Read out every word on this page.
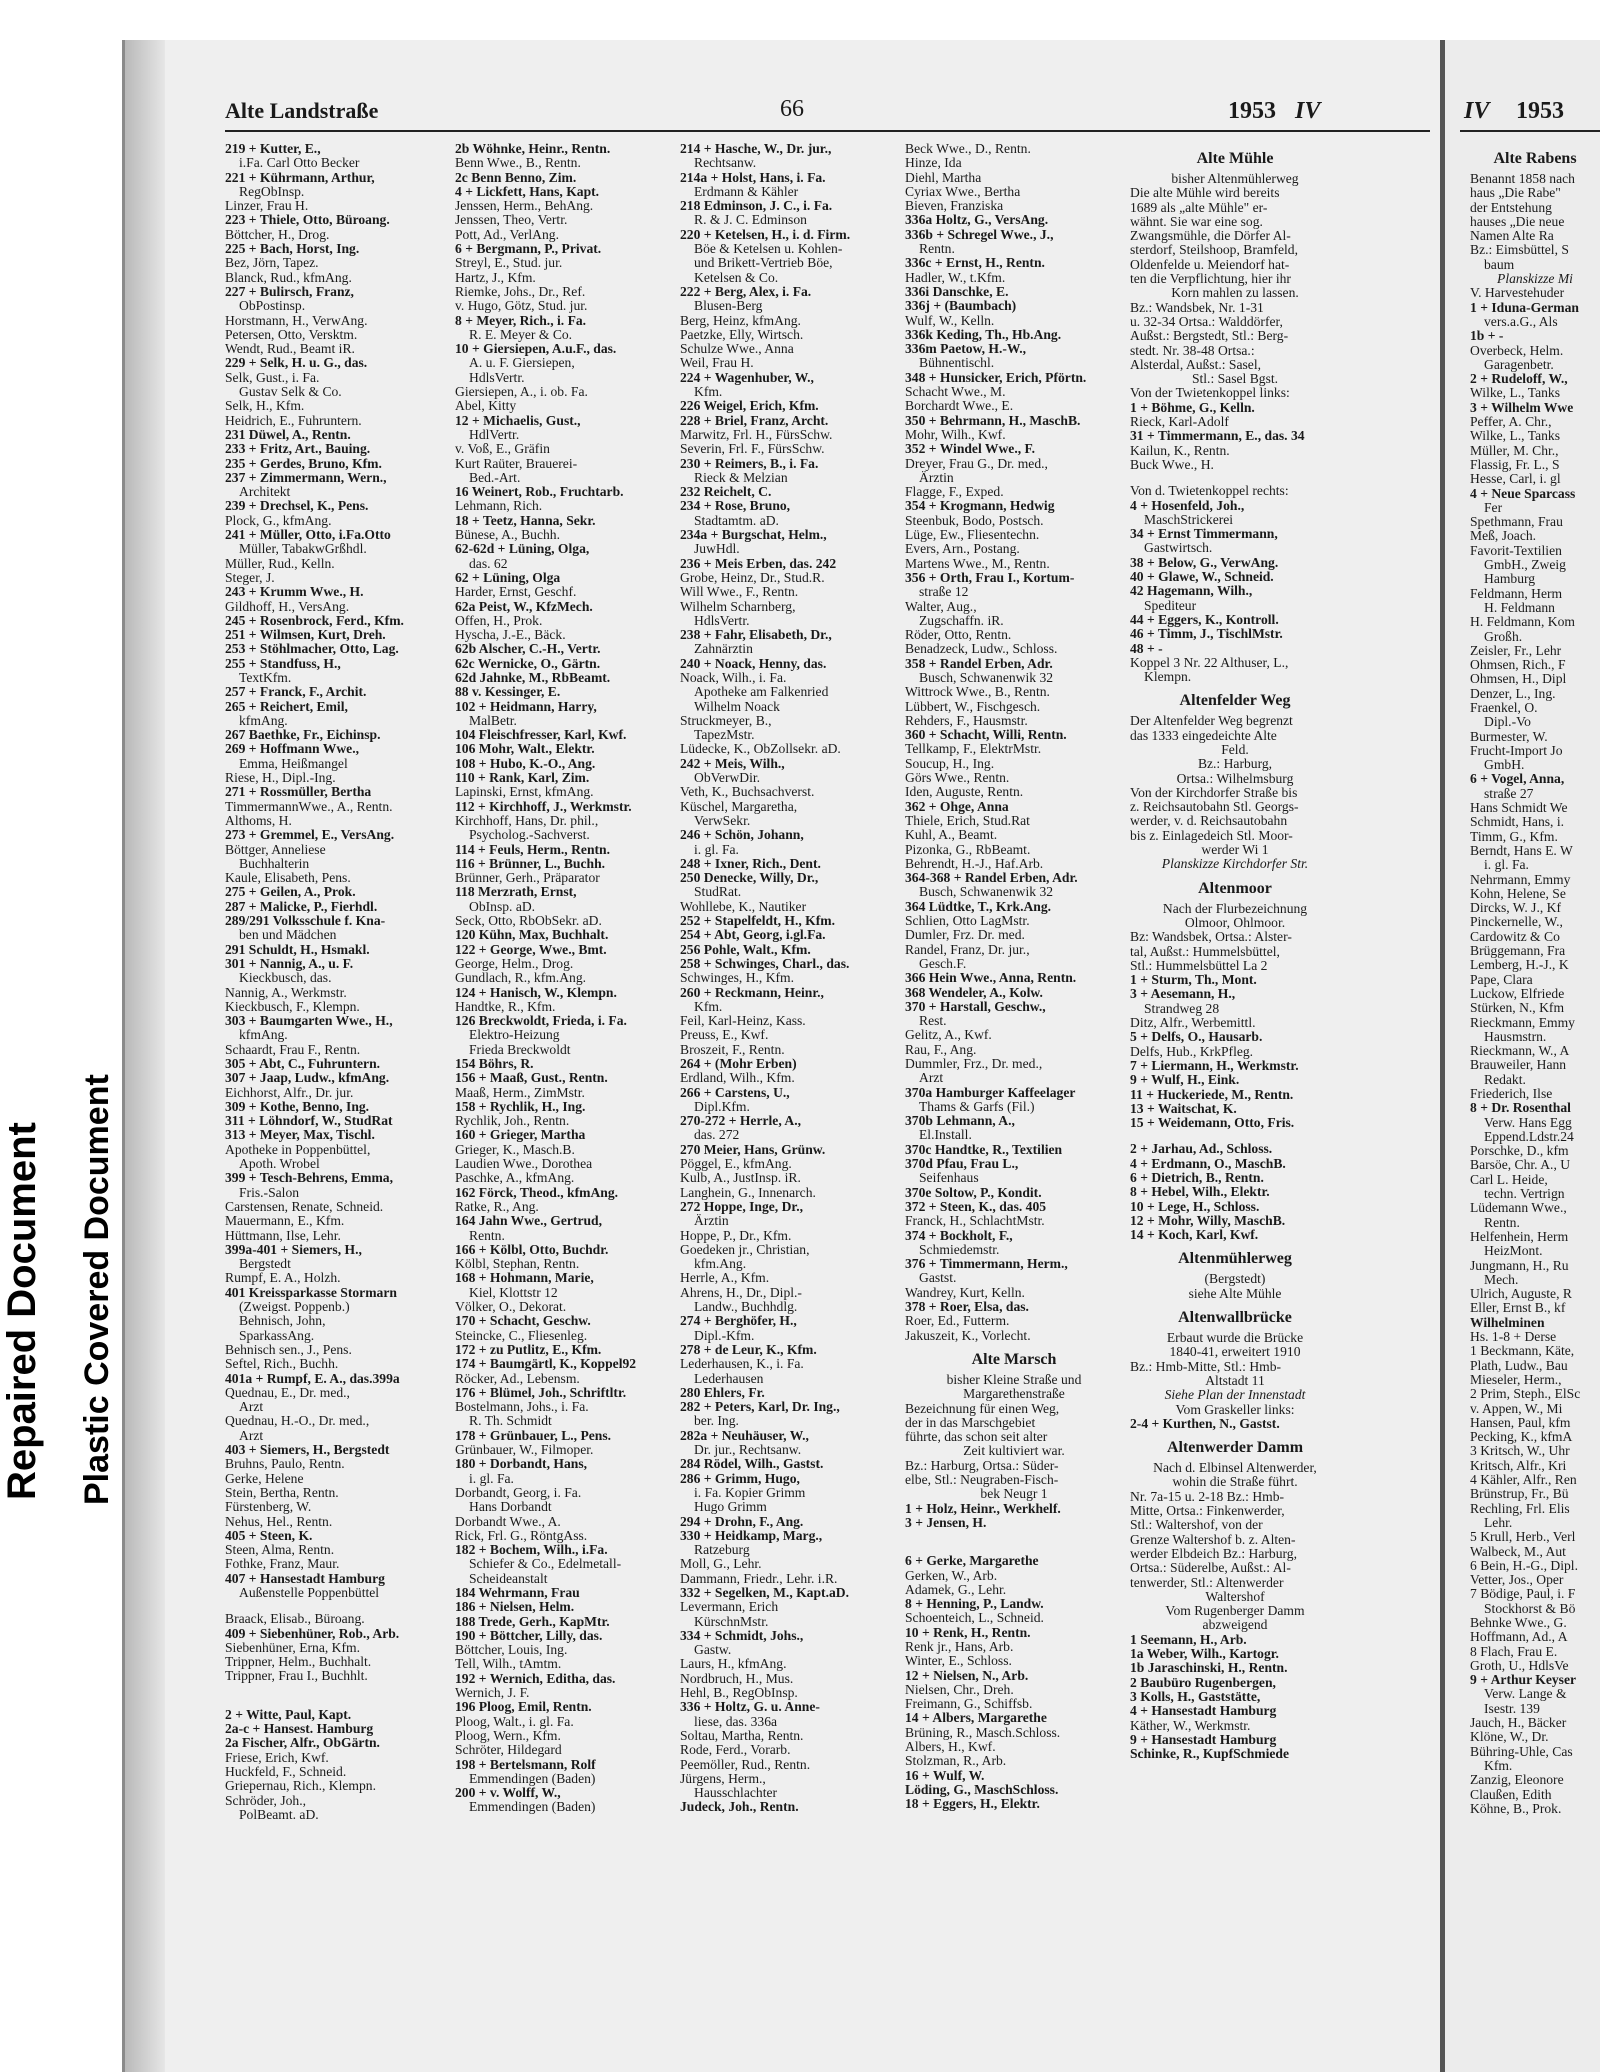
Repaired Document Plastic Covered Document
Alte Landstraße	66	1953 IV	IV 1953
219 + Kutter, E.,
i.Fa. Carl Otto Becker
221 + Kührmann, Arthur,
RegObInsp.
Linzer, Frau H.
223 + Thiele, Otto, Büroang.
Böttcher, H., Drog.
225 + Bach, Horst, Ing.
Bez, Jörn, Tapez.
Blanck, Rud., kfmAng.
227 + Bulirsch, Franz,
ObPostinsp.
Horstmann, H., VerwAng.
Petersen, Otto, Versktm.
Wendt, Rud., Beamt iR.
229 + Selk, H. u. G., das.
Selk, Gust., i. Fa.
Gustav Selk & Co.
Selk, H., Kfm.
Heidrich, E., Fuhruntern.
231 Düwel, A., Rentn.
233 + Fritz, Art., Bauing.
235 + Gerdes, Bruno, Kfm.
237 + Zimmermann, Wern.,
Architekt
239 + Drechsel, K., Pens.
Plock, G., kfmAng.
241 + Müller, Otto, i.Fa.Otto
Müller, TabakwGrßhdl.
Müller, Rud., Kelln.
Steger, J.
243 + Krumm Wwe., H.
Gildhoff, H., VersAng.
245 + Rosenbrock, Ferd., Kfm.
251 + Wilmsen, Kurt, Dreh.
253 + Stöhlmacher, Otto, Lag.
255 + Standfuss, H.,
TextKfm.
257 + Franck, F., Archit.
265 + Reichert, Emil,
kfmAng.
267 Baethke, Fr., Eichinsp.
269 + Hoffmann Wwe.,
Emma, Heißmangel
Riese, H., Dipl.-Ing.
271 + Rossmüller, Bertha
TimmermannWwe., A., Rentn.
Althoms, H.
273 + Gremmel, E., VersAng.
Böttger, Anneliese
Buchhalterin
Kaule, Elisabeth, Pens.
275 + Geilen, A., Prok.
287 + Malicke, P., Fierhdl.
289/291 Volksschule f. Kna-
ben und Mädchen
291 Schuldt, H., Hsmakl.
301 + Nannig, A., u. F.
Kieckbusch, das.
Nannig, A., Werkmstr.
Kieckbusch, F., Klempn.
303 + Baumgarten Wwe., H.,
kfmAng.
Schaardt, Frau F., Rentn.
305 + Abt, C., Fuhruntern.
307 + Jaap, Ludw., kfmAng.
Eichhorst, Alfr., Dr. jur.
309 + Kothe, Benno, Ing.
311 + Löhndorf, W., StudRat
313 + Meyer, Max, Tischl.
Apotheke in Poppenbüttel,
Apoth. Wrobel
399 + Tesch-Behrens, Emma,
Fris.-Salon
Carstensen, Renate, Schneid.
Mauermann, E., Kfm.
Hüttmann, Ilse, Lehr.
399a-401 + Siemers, H.,
Bergstedt
Rumpf, E. A., Holzh.
401 Kreissparkasse Stormarn
(Zweigst. Poppenb.)
Behnisch, John,
SparkassAng.
Behnisch sen., J., Pens.
Seftel, Rich., Buchh.
401a + Rumpf, E. A., das.399a
Quednau, E., Dr. med.,
Arzt
Quednau, H.-O., Dr. med.,
Arzt
403 + Siemers, H., Bergstedt
Bruhns, Paulo, Rentn.
Gerke, Helene
Stein, Bertha, Rentn.
Fürstenberg, W.
Nehus, Hel., Rentn.
405 + Steen, K.
Steen, Alma, Rentn.
Fothke, Franz, Maur.
407 + Hansestadt Hamburg
Außenstelle Poppenbüttel
Braack, Elisab., Büroang.
409 + Siebenhüner, Rob., Arb.
Siebenhüner, Erna, Kfm.
Trippner, Helm., Buchhalt.
Trippner, Frau I., Buchhlt.
2 + Witte, Paul, Kapt.
2a-c + Hansest. Hamburg
2a Fischer, Alfr., ObGärtn.
Friese, Erich, Kwf.
Huckfeld, F., Schneid.
Griepernau, Rich., Klempn.
Schröder, Joh.,
PolBeamt. aD.
2b Wöhnke, Heinr., Rentn.
Benn Wwe., B., Rentn.
2c Benn Benno, Zim.
4 + Lickfett, Hans, Kapt.
Jenssen, Herm., BehAng.
Jenssen, Theo, Vertr.
Pott, Ad., VerlAng.
6 + Bergmann, P., Privat.
Streyl, E., Stud. jur.
Hartz, J., Kfm.
Riemke, Johs., Dr., Ref.
v. Hugo, Götz, Stud. jur.
8 + Meyer, Rich., i. Fa.
R. E. Meyer & Co.
10 + Giersiepen, A.u.F., das.
A. u. F. Giersiepen,
HdlsVertr.
Giersiepen, A., i. ob. Fa.
Abel, Kitty
12 + Michaelis, Gust.,
HdlVertr.
v. Voß, E., Gräfin
Kurt Raüter, Brauerei-
Bed.-Art.
16 Weinert, Rob., Fruchtarb.
Lehmann, Rich.
18 + Teetz, Hanna, Sekr.
Bünese, A., Buchh.
62-62d + Lüning, Olga,
das. 62
62 + Lüning, Olga
Harder, Ernst, Geschf.
62a Peist, W., KfzMech.
Offen, H., Prok.
Hyscha, J.-E., Bäck.
62b Alscher, C.-H., Vertr.
62c Wernicke, O., Gärtn.
62d Jahnke, M., RbBeamt.
88 v. Kessinger, E.
102 + Heidmann, Harry,
MalBetr.
104 Fleischfresser, Karl, Kwf.
106 Mohr, Walt., Elektr.
108 + Hubo, K.-O., Ang.
110 + Rank, Karl, Zim.
Lapinski, Ernst, kfmAng.
112 + Kirchhoff, J., Werkmstr.
Kirchhoff, Hans, Dr. phil.,
Psycholog.-Sachverst.
114 + Feuls, Herm., Rentn.
116 + Brünner, L., Buchh.
Brünner, Gerh., Präparator
118 Merzrath, Ernst,
ObInsp. aD.
Seck, Otto, RbObSekr. aD.
120 Kühn, Max, Buchhalt.
122 + George, Wwe., Bmt.
George, Helm., Drog.
Gundlach, R., kfm.Ang.
124 + Hanisch, W., Klempn.
Handtke, R., Kfm.
126 Breckwoldt, Frieda, i. Fa.
Elektro-Heizung
Frieda Breckwoldt
154 Böhrs, R.
156 + Maaß, Gust., Rentn.
Maaß, Herm., ZimMstr.
158 + Rychlik, H., Ing.
Rychlik, Joh., Rentn.
160 + Grieger, Martha
Grieger, K., Masch.B.
Laudien Wwe., Dorothea
Paschke, A., kfmAng.
162 Förck, Theod., kfmAng.
Ratke, R., Ang.
164 Jahn Wwe., Gertrud,
Rentn.
166 + Kölbl, Otto, Buchdr.
Kölbl, Stephan, Rentn.
168 + Hohmann, Marie,
Kiel, Klottstr 12
Völker, O., Dekorat.
170 + Schacht, Geschw.
Steincke, C., Fliesenleg.
172 + zu Putlitz, E., Kfm.
174 + Baumgärtl, K., Koppel92
Röcker, Ad., Lebensm.
176 + Blümel, Joh., Schriftltr.
Bostelmann, Johs., i. Fa.
R. Th. Schmidt
178 + Grünbauer, L., Pens.
Grünbauer, W., Filmoper.
180 + Dorbandt, Hans,
i. gl. Fa.
Dorbandt, Georg, i. Fa.
Hans Dorbandt
Dorbandt Wwe., A.
Rick, Frl. G., RöntgAss.
182 + Bochem, Wilh., i.Fa.
Schiefer & Co., Edelmetall-
Scheideanstalt
184 Wehrmann, Frau
186 + Nielsen, Helm.
188 Trede, Gerh., KapMtr.
190 + Böttcher, Lilly, das.
Böttcher, Louis, Ing.
Tell, Wilh., tAmtm.
192 + Wernich, Editha, das.
Wernich, J. F.
196 Ploog, Emil, Rentn.
Ploog, Walt., i. gl. Fa.
Ploog, Wern., Kfm.
Schröter, Hildegard
198 + Bertelsmann, Rolf
Emmendingen (Baden)
200 + v. Wolff, W.,
Emmendingen (Baden)
214 + Hasche, W., Dr. jur.,
Rechtsanw.
214a + Holst, Hans, i. Fa.
Erdmann & Kähler
218 Edminson, J. C., i. Fa.
R. & J. C. Edminson
220 + Ketelsen, H., i. d. Firm.
Böe & Ketelsen u. Kohlen-
und Brikett-Vertrieb Böe,
Ketelsen & Co.
222 + Berg, Alex, i. Fa.
Blusen-Berg
Berg, Heinz, kfmAng.
Paetzke, Elly, Wirtsch.
Schulze Wwe., Anna
Weil, Frau H.
224 + Wagenhuber, W.,
Kfm.
226 Weigel, Erich, Kfm.
228 + Briel, Franz, Archt.
Marwitz, Frl. H., FürsSchw.
Severin, Frl. F., FürsSchw.
230 + Reimers, B., i. Fa.
Rieck & Melzian
232 Reichelt, C.
234 + Rose, Bruno,
Stadtamtm. aD.
234a + Burgschat, Helm.,
JuwHdl.
236 + Meis Erben, das. 242
Grobe, Heinz, Dr., Stud.R.
Will Wwe., F., Rentn.
Wilhelm Scharnberg,
HdlsVertr.
238 + Fahr, Elisabeth, Dr.,
Zahnärztin
240 + Noack, Henny, das.
Noack, Wilh., i. Fa.
Apotheke am Falkenried
Wilhelm Noack
Struckmeyer, B.,
TapezMstr.
Lüdecke, K., ObZollsekr. aD.
242 + Meis, Wilh.,
ObVerwDir.
Veth, K., Buchsachverst.
Küschel, Margaretha,
VerwSekr.
246 + Schön, Johann,
i. gl. Fa.
248 + Ixner, Rich., Dent.
250 Denecke, Willy, Dr.,
StudRat.
Wohllebe, K., Nautiker
252 + Stapelfeldt, H., Kfm.
254 + Abt, Georg, i.gl.Fa.
256 Pohle, Walt., Kfm.
258 + Schwinges, Charl., das.
Schwinges, H., Kfm.
260 + Reckmann, Heinr.,
Kfm.
Feil, Karl-Heinz, Kass.
Preuss, E., Kwf.
Broszeit, F., Rentn.
264 + (Mohr Erben)
Erdland, Wilh., Kfm.
266 + Carstens, U.,
Dipl.Kfm.
270-272 + Herrle, A.,
das. 272
270 Meier, Hans, Grünw.
Pöggel, E., kfmAng.
Kulb, A., JustInsp. iR.
Langhein, G., Innenarch.
272 Hoppe, Inge, Dr.,
Ärztin
Hoppe, P., Dr., Kfm.
Goedeken jr., Christian,
kfm.Ang.
Herrle, A., Kfm.
Ahrens, H., Dr., Dipl.-
Landw., Buchhdlg.
274 + Berghöfer, H.,
Dipl.-Kfm.
278 + de Leur, K., Kfm.
Lederhausen, K., i. Fa.
Lederhausen
280 Ehlers, Fr.
282 + Peters, Karl, Dr. Ing.,
ber. Ing.
282a + Neuhäuser, W.,
Dr. jur., Rechtsanw.
284 Rödel, Wilh., Gastst.
286 + Grimm, Hugo,
i. Fa. Kopier Grimm
Hugo Grimm
294 + Drohn, F., Ang.
330 + Heidkamp, Marg.,
Ratzeburg
Moll, G., Lehr.
Dammann, Friedr., Lehr. i.R.
332 + Segelken, M., Kapt.aD.
Levermann, Erich
KürschnMstr.
334 + Schmidt, Johs.,
Gastw.
Laurs, H., kfmAng.
Nordbruch, H., Mus.
Hehl, B., RegObInsp.
336 + Holtz, G. u. Anne-
liese, das. 336a
Soltau, Martha, Rentn.
Rode, Ferd., Vorarb.
Peemöller, Rud., Rentn.
Jürgens, Herm.,
Hausschlachter
Judeck, Joh., Rentn.
Beck Wwe., D., Rentn.
Hinze, Ida
Diehl, Martha
Cyriax Wwe., Bertha
Bieven, Franziska
336a Holtz, G., VersAng.
336b + Schregel Wwe., J.,
Rentn.
336c + Ernst, H., Rentn.
Hadler, W., t.Kfm.
336i Danschke, E.
336j + (Baumbach)
Wulf, W., Kelln.
336k Keding, Th., Hb.Ang.
336m Paetow, H.-W.,
Bühnentischl.
348 + Hunsicker, Erich, Pförtn.
Schacht Wwe., M.
Borchardt Wwe., E.
350 + Behrmann, H., MaschB.
Mohr, Wilh., Kwf.
352 + Windel Wwe., F.
Dreyer, Frau G., Dr. med.,
Ärztin
Flagge, F., Exped.
354 + Krogmann, Hedwig
Steenbuk, Bodo, Postsch.
Lüge, Ew., Fliesentechn.
Evers, Arn., Postang.
Martens Wwe., M., Rentn.
356 + Orth, Frau I., Kortum-
straße 12
Walter, Aug.,
Zugschaffn. iR.
Röder, Otto, Rentn.
Benadzeck, Ludw., Schloss.
358 + Randel Erben, Adr.
Busch, Schwanenwik 32
Wittrock Wwe., B., Rentn.
Lübbert, W., Fischgesch.
Rehders, F., Hausmstr.
360 + Schacht, Willi, Rentn.
Tellkamp, F., ElektrMstr.
Soucup, H., Ing.
Görs Wwe., Rentn.
Iden, Auguste, Rentn.
362 + Ohge, Anna
Thiele, Erich, Stud.Rat
Kuhl, A., Beamt.
Pizonka, G., RbBeamt.
Behrendt, H.-J., Haf.Arb.
364-368 + Randel Erben, Adr.
Busch, Schwanenwik 32
364 Lüdtke, T., Krk.Ang.
Schlien, Otto LagMstr.
Dumler, Frz. Dr. med.
Randel, Franz, Dr. jur.,
Gesch.F.
366 Hein Wwe., Anna, Rentn.
368 Wendeler, A., Kolw.
370 + Harstall, Geschw.,
Rest.
Gelitz, A., Kwf.
Rau, F., Ang.
Dummler, Frz., Dr. med.,
Arzt
370a Hamburger Kaffeelager
Thams & Garfs (Fil.)
370b Lehmann, A.,
El.Install.
370c Handtke, R., Textilien
370d Pfau, Frau L.,
Seifenhaus
370e Soltow, P., Kondit.
372 + Steen, K., das. 405
Franck, H., SchlachtMstr.
374 + Bockholt, F.,
Schmiedemstr.
376 + Timmermann, Herm.,
Gastst.
Wandrey, Kurt, Kelln.
378 + Roer, Elsa, das.
Roer, Ed., Futterm.
Jakuszeit, K., Vorlecht.
Alte Marsch
bisher Kleine Straße und
Margarethenstraße
Bezeichnung für einen Weg,
der in das Marschgebiet
führte, das schon seit alter
Zeit kultiviert war.
Bz.: Harburg, Ortsa.: Süder-
elbe, Stl.: Neugraben-Fisch-
bek Neugr 1
1 + Holz, Heinr., Werkhelf.
3 + Jensen, H.
6 + Gerke, Margarethe
Gerken, W., Arb.
Adamek, G., Lehr.
8 + Henning, P., Landw.
Schoenteich, L., Schneid.
10 + Renk, H., Rentn.
Renk jr., Hans, Arb.
Winter, E., Schloss.
12 + Nielsen, N., Arb.
Nielsen, Chr., Dreh.
Freimann, G., Schiffsb.
14 + Albers, Margarethe
Brüning, R., Masch.Schloss.
Albers, H., Kwf.
Stolzman, R., Arb.
16 + Wulf, W.
Löding, G., MaschSchloss.
18 + Eggers, H., Elektr.
Alte Mühle
bisher Altenmühlerweg
Die alte Mühle wird bereits
1689 als „alte Mühle" er-
wähnt. Sie war eine sog.
Zwangsmühle, die Dörfer Al-
sterdorf, Steilshoop, Bramfeld,
Oldenfelde u. Meiendorf hat-
ten die Verpflichtung, hier ihr
Korn mahlen zu lassen.
Bz.: Wandsbek, Nr. 1-31
u. 32-34 Ortsa.: Walddörfer,
Außst.: Bergstedt, Stl.: Berg-
stedt. Nr. 38-48 Ortsa.:
Alsterdal, Außst.: Sasel,
Stl.: Sasel Bgst.
Von der Twietenkoppel links:
1 + Böhme, G., Kelln.
Rieck, Karl-Adolf
31 + Timmermann, E., das. 34
Kailun, K., Rentn.
Buck Wwe., H.
Von d. Twietenkoppel rechts:
4 + Hosenfeld, Joh.,
MaschStrickerei
34 + Ernst Timmermann,
Gastwirtsch.
38 + Below, G., VerwAng.
40 + Glawe, W., Schneid.
42 Hagemann, Wilh.,
Spediteur
44 + Eggers, K., Kontroll.
46 + Timm, J., TischlMstr.
48 + -
Koppel 3 Nr. 22 Althuser, L.,
Klempn.
Altenfelder Weg
Der Altenfelder Weg begrenzt
das 1333 eingedeichte Alte
Feld.
Bz.: Harburg,
Ortsa.: Wilhelmsburg
Von der Kirchdorfer Straße bis
z. Reichsautobahn Stl. Georgs-
werder, v. d. Reichsautobahn
bis z. Einlagedeich Stl. Moor-
werder Wi 1
Planskizze Kirchdorfer Str.
Altenmoor
Nach der Flurbezeichnung
Olmoor, Ohlmoor.
Bz: Wandsbek, Ortsa.: Alster-
tal, Außst.: Hummelsbüttel,
Stl.: Hummelsbüttel La 2
1 + Sturm, Th., Mont.
3 + Aesemann, H.,
Strandweg 28
Ditz, Alfr., Werbemittl.
5 + Delfs, O., Hausarb.
Delfs, Hub., KrkPfleg.
7 + Liermann, H., Werkmstr.
9 + Wulf, H., Eink.
11 + Huckeriede, M., Rentn.
13 + Waitschat, K.
15 + Weidemann, Otto, Fris.
2 + Jarhau, Ad., Schloss.
4 + Erdmann, O., MaschB.
6 + Dietrich, B., Rentn.
8 + Hebel, Wilh., Elektr.
10 + Lege, H., Schloss.
12 + Mohr, Willy, MaschB.
14 + Koch, Karl, Kwf.
Altenmühlerweg
(Bergstedt)
siehe Alte Mühle
Altenwallbrücke
Erbaut wurde die Brücke
1840-41, erweitert 1910
Bz.: Hmb-Mitte, Stl.: Hmb-
Altstadt 11
Siehe Plan der Innenstadt
Vom Graskeller links:
2-4 + Kurthen, N., Gastst.
Altenwerder Damm
Nach d. Elbinsel Altenwerder,
wohin die Straße führt.
Nr. 7a-15 u. 2-18 Bz.: Hmb-
Mitte, Ortsa.: Finkenwerder,
Stl.: Waltershof, von der
Grenze Waltershof b. z. Alten-
werder Elbdeich Bz.: Harburg,
Ortsa.: Süderelbe, Außst.: Al-
tenwerder, Stl.: Altenwerder
Waltershof
Vom Rugenberger Damm
abzweigend
1 Seemann, H., Arb.
1a Weber, Wilh., Kartogr.
1b Jaraschinski, H., Rentn.
2 Baubüro Rugenbergen,
3 Kolls, H., Gaststätte,
4 + Hansestadt Hamburg
Käther, W., Werkmstr.
9 + Hansestadt Hamburg
Schinke, R., KupfSchmiede
Alte Rabens
Benannt 1858 nach
haus „Die Rabe"
der Entstehung
hauses „Die neue
Namen Alte Ra
Bz.: Eimsbüttel, S
baum
Planskizze Mi
V. Harvestehuder
1 + Iduna-German
vers.a.G., Als
1b + -
Overbeck, Helm.
Garagenbetr.
2 + Rudeloff, W.,
Wilke, L., Tanks
3 + Wilhelm Wwe
Peffer, A. Chr.,
Wilke, L., Tanks
Müller, M. Chr.,
Flassig, Fr. L., S
Hesse, Carl, i. gl
4 + Neue Sparcass
Fer
Spethmann, Frau
Meß, Joach.
Favorit-Textilien
GmbH., Zweig
Hamburg
Feldmann, Herm
H. Feldmann
H. Feldmann, Kom
Großh.
Zeisler, Fr., Lehr
Ohmsen, Rich., F
Ohmsen, H., Dipl
Denzer, L., Ing.
Fraenkel, O.
Dipl.-Vo
Burmester, W.
Frucht-Import Jo
GmbH.
6 + Vogel, Anna,
straße 27
Hans Schmidt We
Schmidt, Hans, i.
Timm, G., Kfm.
Berndt, Hans E. W
i. gl. Fa.
Nehrmann, Emmy
Kohn, Helene, Se
Dircks, W. J., Kf
Pinckernelle, W.,
Cardowitz & Co
Brüggemann, Fra
Lemberg, H.-J., K
Pape, Clara
Luckow, Elfriede
Stürken, N., Kfm
Rieckmann, Emmy
Hausmstrn.
Rieckmann, W., A
Brauweiler, Hann
Redakt.
Friederich, Ilse
8 + Dr. Rosenthal
Verw. Hans Egg
Eppend.Ldstr.24
Porschke, D., kfm
Barsöe, Chr. A., U
Carl L. Heide,
techn. Vertrign
Lüdemann Wwe.,
Rentn.
Helfenhein, Herm
HeizMont.
Jungmann, H., Ru
Mech.
Ulrich, Auguste, R
Eller, Ernst B., kf
Wilhelminen
Hs. 1-8 + Derse
1 Beckmann, Käte,
Plath, Ludw., Bau
Mieseler, Herm.,
2 Prim, Steph., ElSc
v. Appen, W., Mi
Hansen, Paul, kfm
Pecking, K., kfmA
3 Kritsch, W., Uhr
Kritsch, Alfr., Kri
4 Kähler, Alfr., Ren
Brünstrup, Fr., Bü
Rechling, Frl. Elis
Lehr.
5 Krull, Herb., Verl
Walbeck, M., Aut
6 Bein, H.-G., Dipl.
Vetter, Jos., Oper
7 Bödige, Paul, i. F
Stockhorst & Bö
Behnke Wwe., G.
Hoffmann, Ad., A
8 Flach, Frau E.
Groth, U., HdlsVe
9 + Arthur Keyser
Verw. Lange &
Isestr. 139
Jauch, H., Bäcker
Klöne, W., Dr.
Bühring-Uhle, Cas
Kfm.
Zanzig, Eleonore
Claußen, Edith
Köhne, B., Prok.
